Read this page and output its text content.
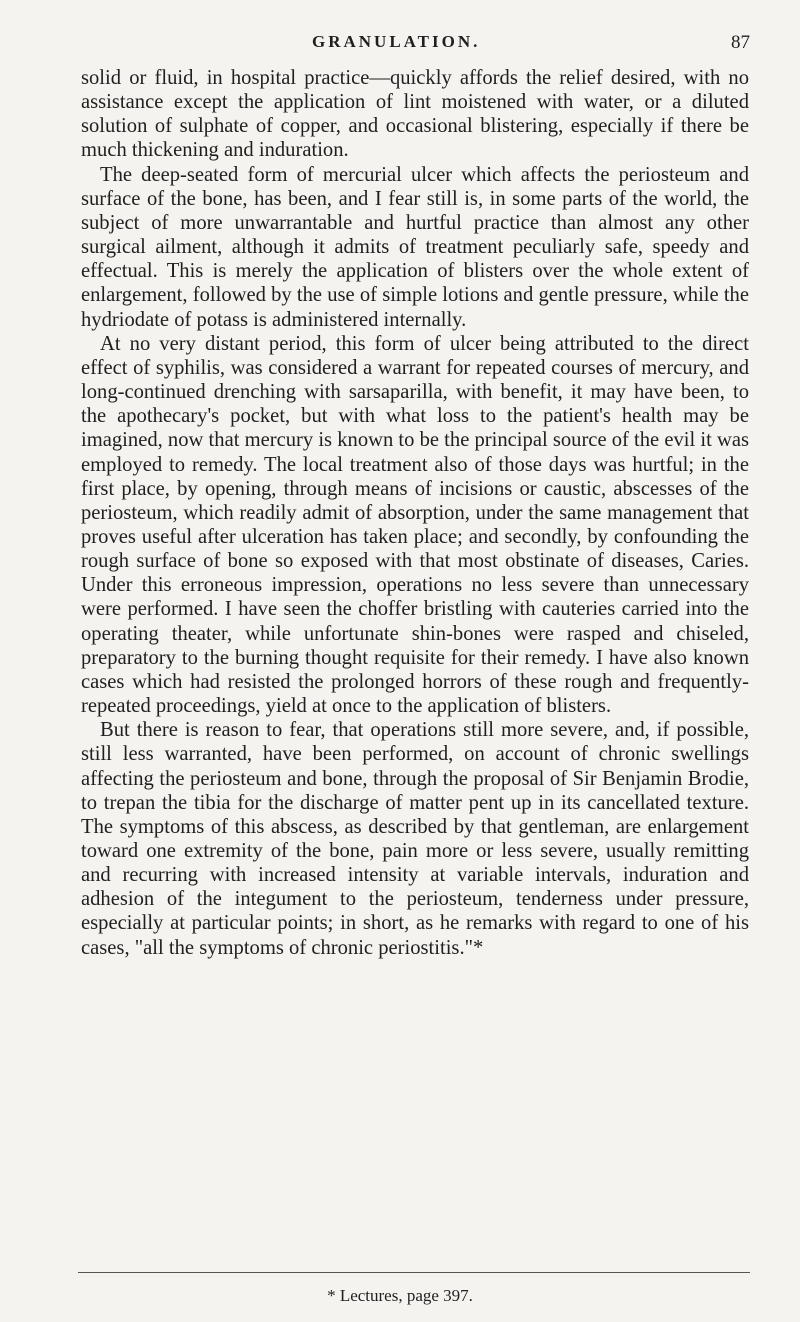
GRANULATION.	87

solid or fluid, in hospital practice—quickly affords the relief desired, with no assistance except the application of lint moistened with water, or a diluted solution of sulphate of copper, and occasional blistering, especially if there be much thickening and induration.

The deep-seated form of mercurial ulcer which affects the periosteum and surface of the bone, has been, and I fear still is, in some parts of the world, the subject of more unwarrantable and hurtful practice than almost any other surgical ailment, although it admits of treatment peculiarly safe, speedy and effectual. This is merely the application of blisters over the whole extent of enlargement, followed by the use of simple lotions and gentle pressure, while the hydriodate of potass is administered internally.

At no very distant period, this form of ulcer being attributed to the direct effect of syphilis, was considered a warrant for repeated courses of mercury, and long-continued drenching with sarsaparilla, with benefit, it may have been, to the apothecary's pocket, but with what loss to the patient's health may be imagined, now that mercury is known to be the principal source of the evil it was employed to remedy. The local treatment also of those days was hurtful; in the first place, by opening, through means of incisions or caustic, abscesses of the periosteum, which readily admit of absorption, under the same management that proves useful after ulceration has taken place; and secondly, by confounding the rough surface of bone so exposed with that most obstinate of diseases, Caries. Under this erroneous impression, operations no less severe than unnecessary were performed. I have seen the choffer bristling with cauteries carried into the operating theater, while unfortunate shin-bones were rasped and chiseled, preparatory to the burning thought requisite for their remedy. I have also known cases which had resisted the prolonged horrors of these rough and frequently-repeated proceedings, yield at once to the application of blisters.

But there is reason to fear, that operations still more severe, and, if possible, still less warranted, have been performed, on account of chronic swellings affecting the periosteum and bone, through the proposal of Sir Benjamin Brodie, to trepan the tibia for the discharge of matter pent up in its cancellated texture. The symptoms of this abscess, as described by that gentleman, are enlargement toward one extremity of the bone, pain more or less severe, usually remitting and recurring with increased intensity at variable intervals, induration and adhesion of the integument to the periosteum, tenderness under pressure, especially at particular points; in short, as he remarks with regard to one of his cases, "all the symptoms of chronic periostitis."*

* Lectures, page 397.
